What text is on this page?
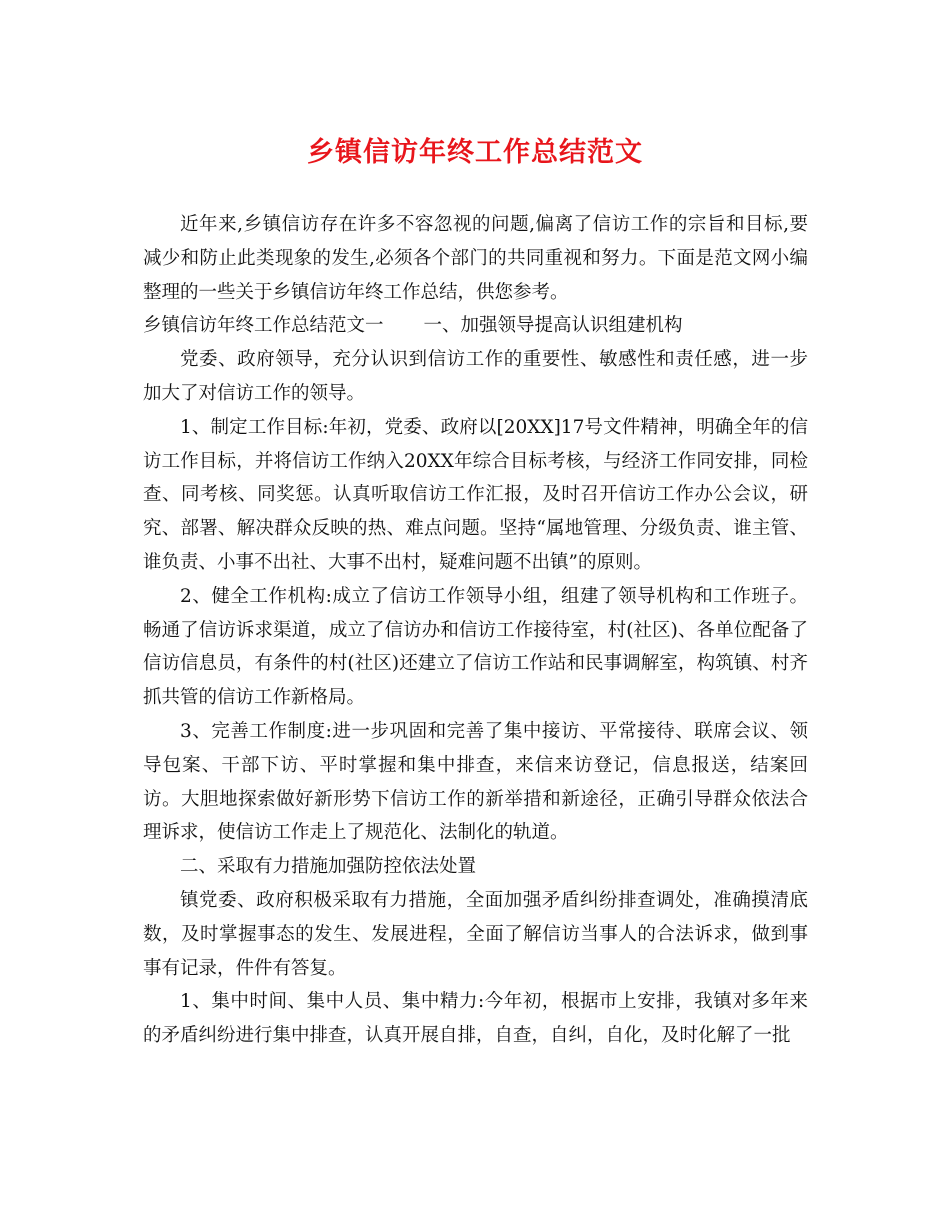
乡镇信访年终工作总结范文

近年来,乡镇信访存在许多不容忽视的问题,偏离了信访工作的宗旨和目标,要减少和防止此类现象的发生,必须各个部门的共同重视和努力。下面是范文网小编整理的一些关于乡镇信访年终工作总结，供您参考。

乡镇信访年终工作总结范文一 一、加强领导提高认识组建机构

党委、政府领导，充分认识到信访工作的重要性、敏感性和责任感，进一步加大了对信访工作的领导。

1、制定工作目标:年初，党委、政府以[20XX]17号文件精神，明确全年的信访工作目标，并将信访工作纳入20XX年综合目标考核，与经济工作同安排，同检查、同考核、同奖惩。认真听取信访工作汇报，及时召开信访工作办公会议，研究、部署、解决群众反映的热、难点问题。坚持“属地管理、分级负责、谁主管、谁负责、小事不出社、大事不出村，疑难问题不出镇”的原则。

2、健全工作机构:成立了信访工作领导小组，组建了领导机构和工作班子。畅通了信访诉求渠道，成立了信访办和信访工作接待室，村(社区)、各单位配备了信访信息员，有条件的村(社区)还建立了信访工作站和民事调解室，构筑镇、村齐抓共管的信访工作新格局。

3、完善工作制度:进一步巩固和完善了集中接访、平常接待、联席会议、领导包案、干部下访、平时掌握和集中排查，来信来访登记，信息报送，结案回访。大胆地探索做好新形势下信访工作的新举措和新途径，正确引导群众依法合理诉求，使信访工作走上了规范化、法制化的轨道。

二、采取有力措施加强防控依法处置

镇党委、政府积极采取有力措施，全面加强矛盾纠纷排查调处，准确摸清底数，及时掌握事态的发生、发展进程，全面了解信访当事人的合法诉求，做到事事有记录，件件有答复。

1、集中时间、集中人员、集中精力:今年初，根据市上安排，我镇对多年来的矛盾纠纷进行集中排查，认真开展自排，自查，自纠，自化，及时化解了一批
